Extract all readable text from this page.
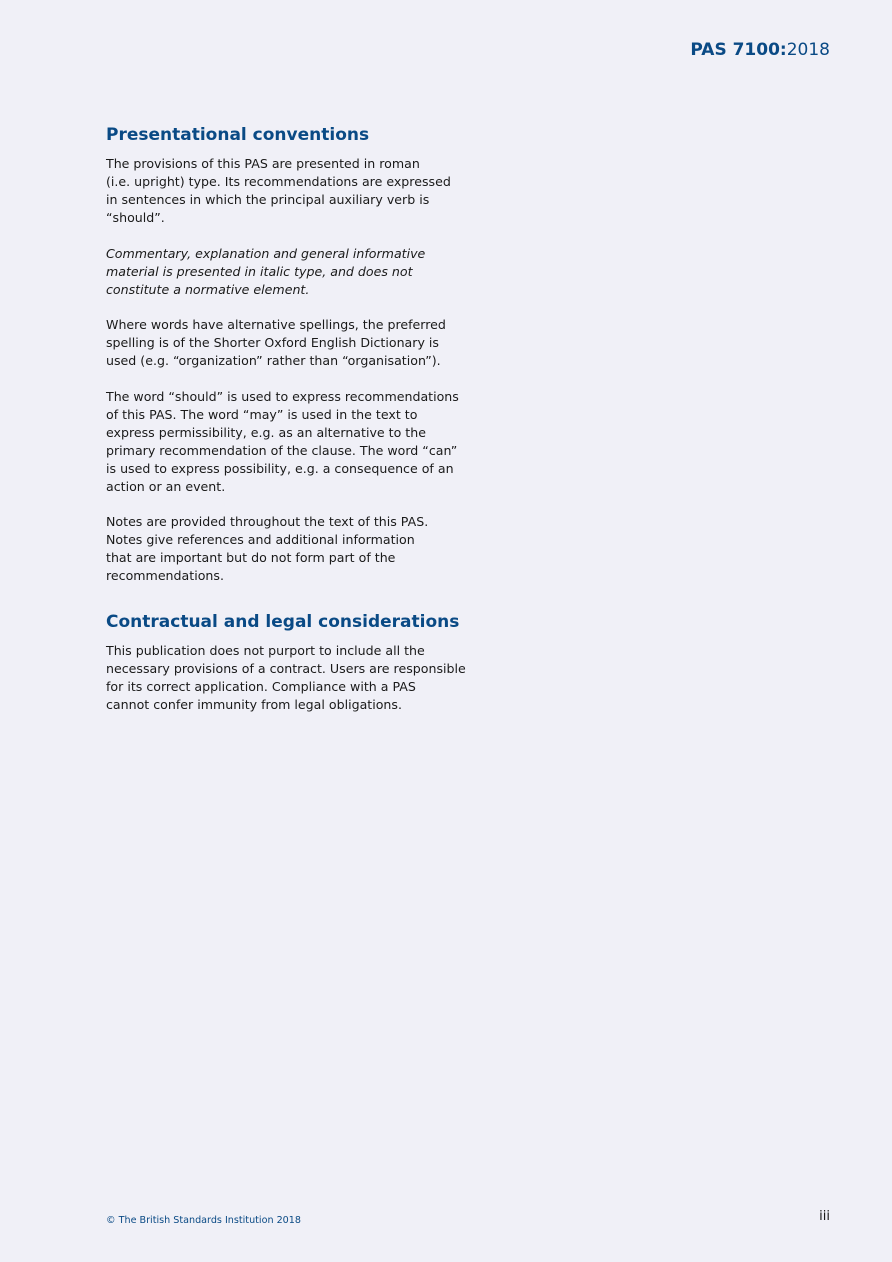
PAS 7100:2018
Presentational conventions

The provisions of this PAS are presented in roman
(i.e. upright) type. Its recommendations are expressed
in sentences in which the principal auxiliary verb is
“should”.

Commentary, explanation and general informative
material is presented in italic type, and does not
constitute a normative element.

Where words have alternative spellings, the preferred
spelling is of the Shorter Oxford English Dictionary is
used (e.g. “organization” rather than “organisation”).

The word “should” is used to express recommendations
of this PAS. The word “may” is used in the text to
express permissibility, e.g. as an alternative to the
primary recommendation of the clause. The word “can”
is used to express possibility, e.g. a consequence of an
action or an event.

Notes are provided throughout the text of this PAS.
Notes give references and additional information
that are important but do not form part of the
recommendations.

Contractual and legal considerations

This publication does not purport to include all the
necessary provisions of a contract. Users are responsible
for its correct application. Compliance with a PAS
cannot confer immunity from legal obligations.

© The British Standards Institution 2018	iii
